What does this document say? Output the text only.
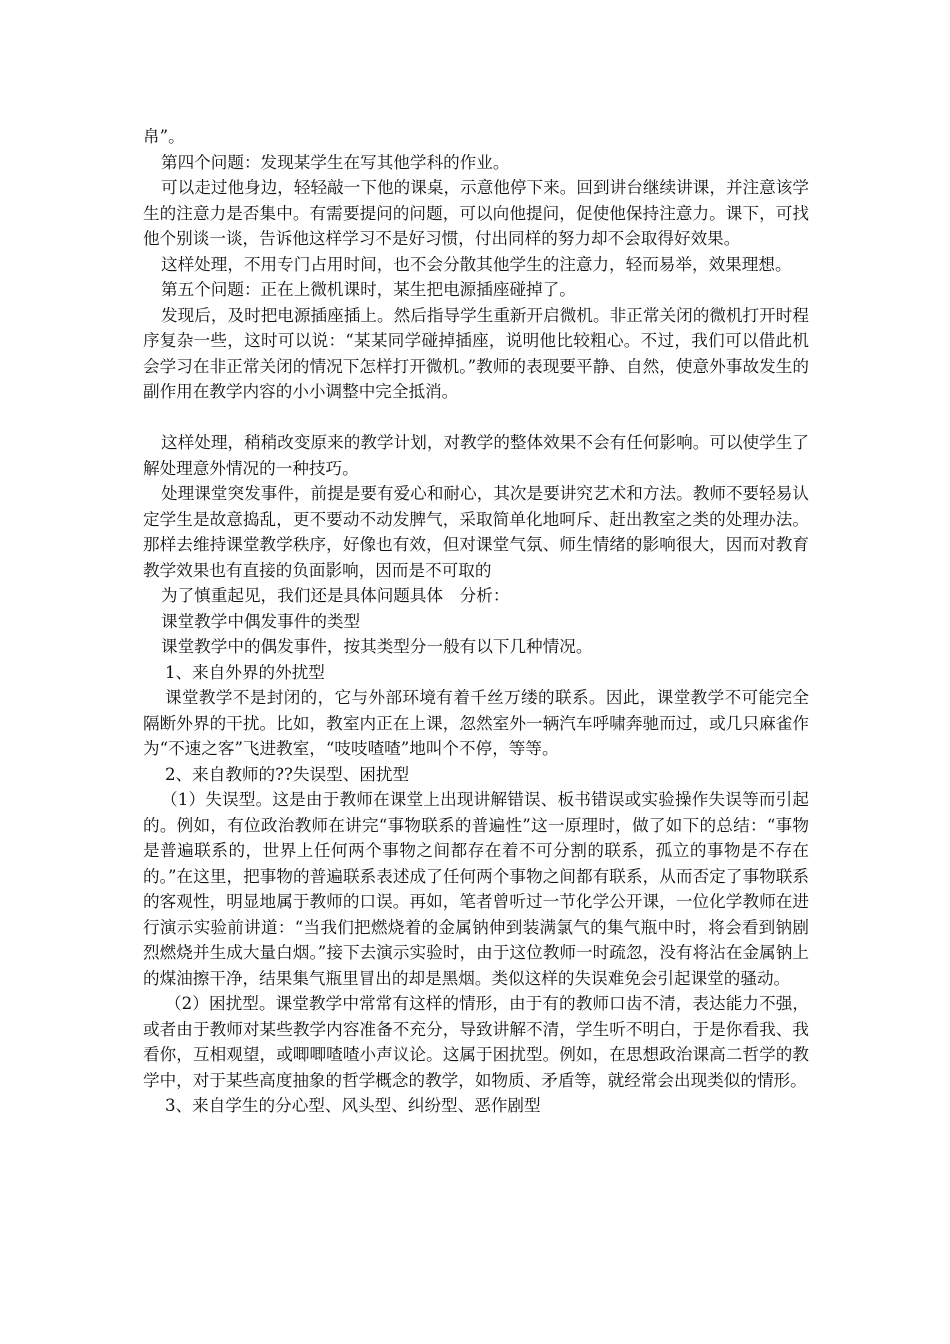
帛”。
第四个问题：发现某学生在写其他学科的作业。
可以走过他身边，轻轻敲一下他的课桌，示意他停下来。回到讲台继续讲课，并注意该学生的注意力是否集中。有需要提问的问题，可以向他提问，促使他保持注意力。课下，可找他个别谈一谈，告诉他这样学习不是好习惯，付出同样的努力却不会取得好效果。
这样处理，不用专门占用时间，也不会分散其他学生的注意力，轻而易举，效果理想。
第五个问题：正在上微机课时，某生把电源插座碰掉了。
发现后，及时把电源插座插上。然后指导学生重新开启微机。非正常关闭的微机打开时程序复杂一些，这时可以说：“某某同学碰掉插座，说明他比较粗心。不过，我们可以借此机会学习在非正常关闭的情况下怎样打开微机。”教师的表现要平静、自然，使意外事故发生的副作用在教学内容的小小调整中完全抵消。
这样处理，稍稍改变原来的教学计划，对教学的整体效果不会有任何影响。可以使学生了解处理意外情况的一种技巧。
处理课堂突发事件，前提是要有爱心和耐心，其次是要讲究艺术和方法。教师不要轻易认定学生是故意捣乱，更不要动不动发脾气，采取简单化地呵斥、赶出教室之类的处理办法。那样去维持课堂教学秩序，好像也有效，但对课堂气氛、师生情绪的影响很大，因而对教育教学效果也有直接的负面影响，因而是不可取的
为了慎重起见，我们还是具体问题具体　分析：
课堂教学中偶发事件的类型
课堂教学中的偶发事件，按其类型分一般有以下几种情况。
1、来自外界的外扰型
课堂教学不是封闭的，它与外部环境有着千丝万缕的联系。因此，课堂教学不可能完全隔断外界的干扰。比如，教室内正在上课，忽然室外一辆汽车呼啸奔驰而过，或几只麻雀作为“不速之客”飞进教室，“吱吱喳喳”地叫个不停，等等。
2、来自教师的??失误型、困扰型
（1）失误型。这是由于教师在课堂上出现讲解错误、板书错误或实验操作失误等而引起的。例如，有位政治教师在讲完“事物联系的普遍性”这一原理时，做了如下的总结：“事物是普遍联系的，世界上任何两个事物之间都存在着不可分割的联系，孤立的事物是不存在的。”在这里，把事物的普遍联系表述成了任何两个事物之间都有联系，从而否定了事物联系的客观性，明显地属于教师的口误。再如，笔者曾听过一节化学公开课，一位化学教师在进行演示实验前讲道：“当我们把燃烧着的金属钠伸到装满氯气的集气瓶中时，将会看到钠剧烈燃烧并生成大量白烟。”接下去演示实验时，由于这位教师一时疏忽，没有将沾在金属钠上的煤油擦干净，结果集气瓶里冒出的却是黑烟。类似这样的失误难免会引起课堂的骚动。
（2）困扰型。课堂教学中常常有这样的情形，由于有的教师口齿不清，表达能力不强，或者由于教师对某些教学内容准备不充分，导致讲解不清，学生听不明白，于是你看我、我看你，互相观望，或唧唧喳喳小声议论。这属于困扰型。例如，在思想政治课高二哲学的教学中，对于某些高度抽象的哲学概念的教学，如物质、矛盾等，就经常会出现类似的情形。
3、来自学生的分心型、风头型、纠纷型、恶作剧型
